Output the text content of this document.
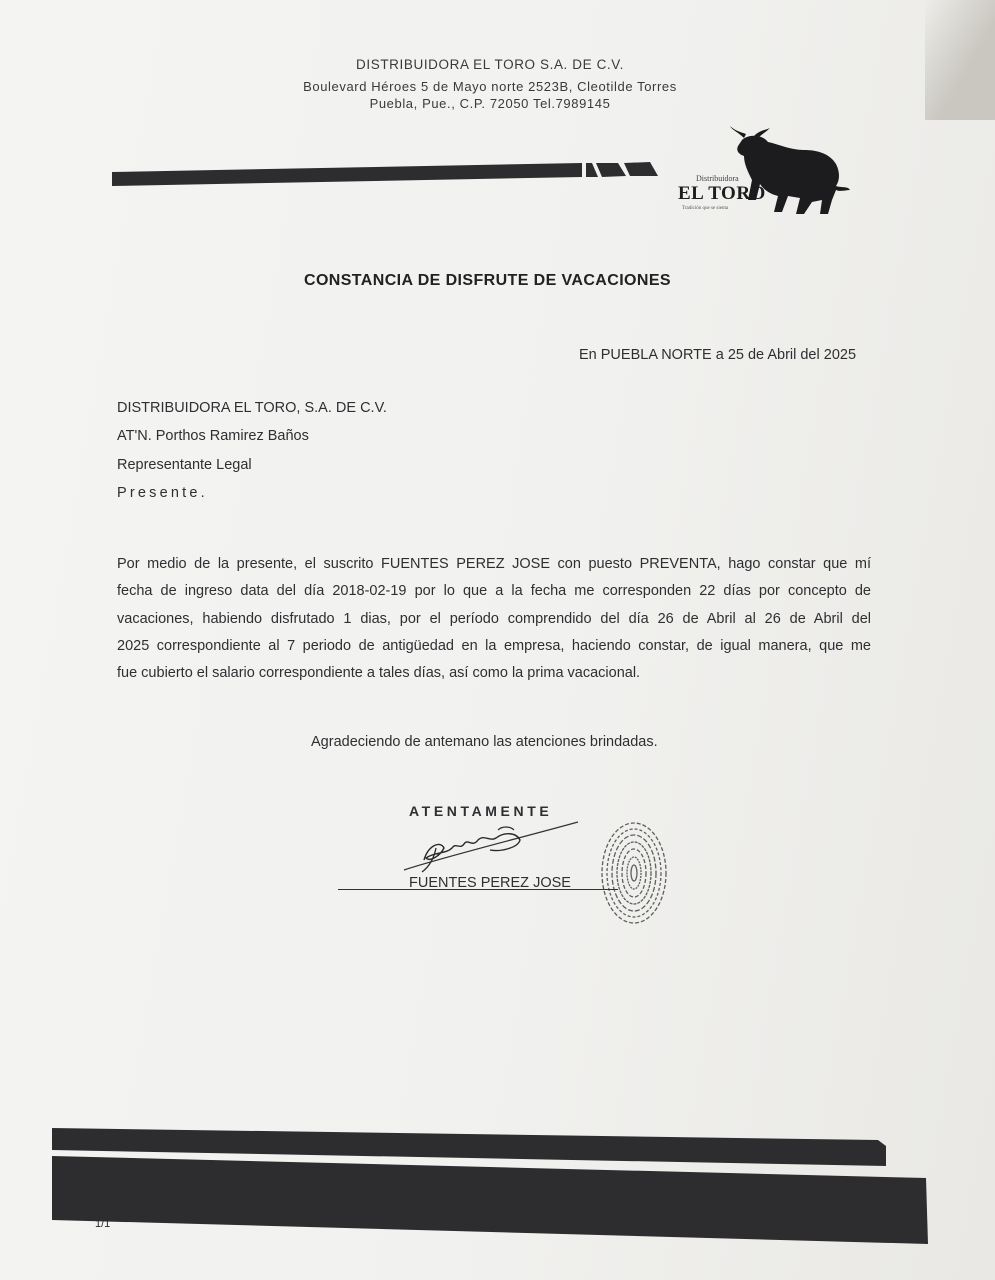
DISTRIBUIDORA EL TORO S.A. DE C.V.
Boulevard Héroes 5 de Mayo norte 2523B, Cleotilde Torres
Puebla, Pue., C.P. 72050 Tel.7989145
Distribuidora
EL TORO
Tradición que se sienta
CONSTANCIA DE DISFRUTE DE VACACIONES
En PUEBLA NORTE a 25 de Abril del 2025
DISTRIBUIDORA EL TORO, S.A. DE C.V.
AT'N. Porthos Ramirez Baños
Representante Legal
Presente.
Por medio de la presente, el suscrito FUENTES PEREZ JOSE con puesto PREVENTA, hago constar que mí
fecha de ingreso data del día 2018-02-19 por lo que a la fecha me corresponden 22 días por concepto de
vacaciones, habiendo disfrutado 1 dias, por el período comprendido del día 26 de Abril al 26 de Abril del
2025 correspondiente al 7 periodo de antigüedad en la empresa, haciendo constar, de igual manera, que me
fue cubierto el salario correspondiente a tales días, así como la prima vacacional.
Agradeciendo de antemano las atenciones brindadas.
ATENTAMENTE
FUENTES PEREZ JOSE
1/1
